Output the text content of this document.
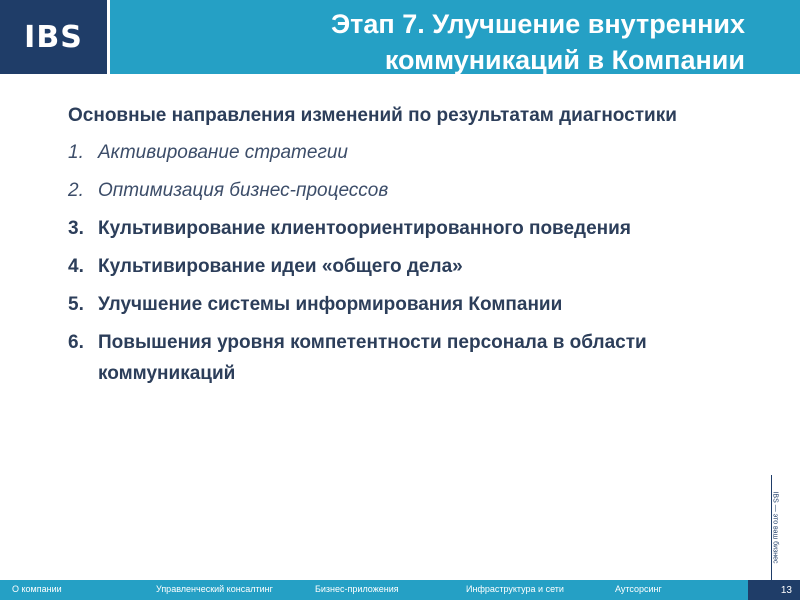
IBS	Этап 7. Улучшение внутренних
коммуникаций в Компании
Основные направления изменений по результатам диагностики
1. Активирование стратегии
2. Оптимизация бизнес-процессов
3. Культивирование клиентоориентированного поведения
4. Культивирование идеи «общего дела»
5. Улучшение системы информирования Компании
6. Повышения уровня компетентности персонала в области коммуникаций
IBS — это ваш бизнес
О компании	Управленческий консалтинг	Бизнес-приложения	Инфраструктура и сети	Аутсорсинг	13
